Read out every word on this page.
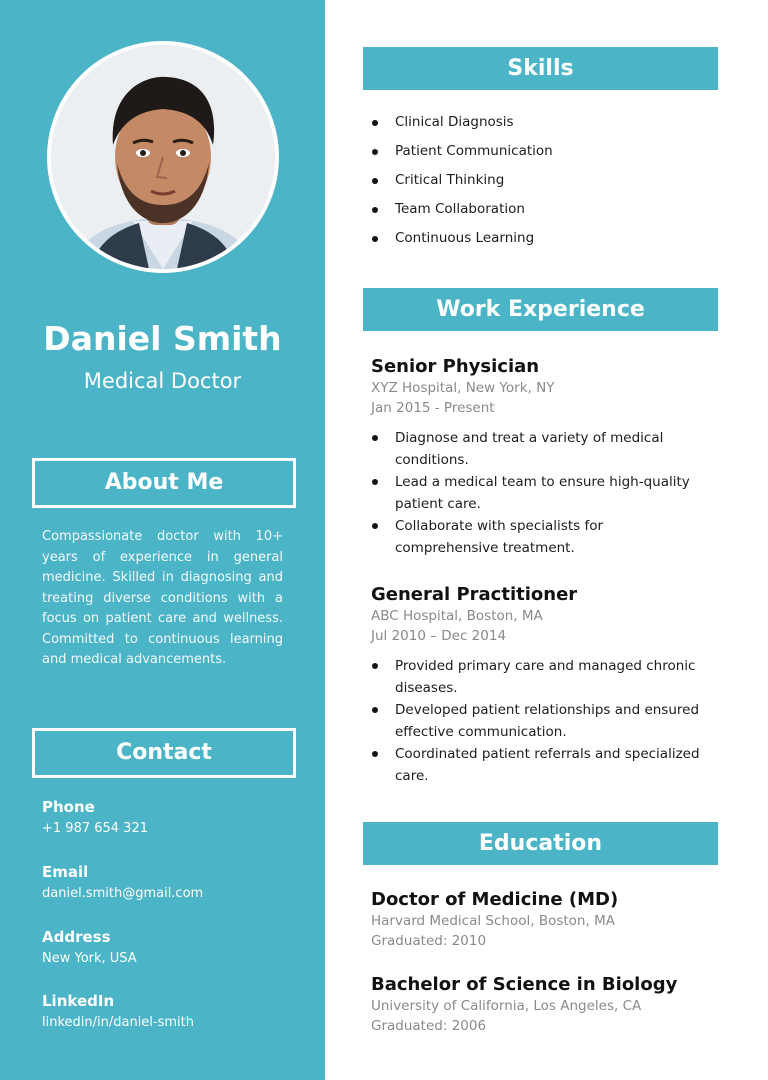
Daniel Smith
Medical Doctor
About Me
Compassionate doctor with 10+ years of experience in general medicine. Skilled in diagnosing and treating diverse conditions with a focus on patient care and wellness. Committed to continuous learning and medical advancements.
Contact
Phone
+1 987 654 321
Email
daniel.smith@gmail.com
Address
New York, USA
LinkedIn
linkedin/in/daniel-smith
Skills
Clinical Diagnosis
Patient Communication
Critical Thinking
Team Collaboration
Continuous Learning
Work Experience
Senior Physician
XYZ Hospital, New York, NY
Jan 2015 - Present
Diagnose and treat a variety of medical conditions.
Lead a medical team to ensure high-quality patient care.
Collaborate with specialists for comprehensive treatment.
General Practitioner
ABC Hospital, Boston, MA
Jul 2010 – Dec 2014
Provided primary care and managed chronic diseases.
Developed patient relationships and ensured effective communication.
Coordinated patient referrals and specialized care.
Education
Doctor of Medicine (MD)
Harvard Medical School, Boston, MA
Graduated: 2010
Bachelor of Science in Biology
University of California, Los Angeles, CA
Graduated: 2006
